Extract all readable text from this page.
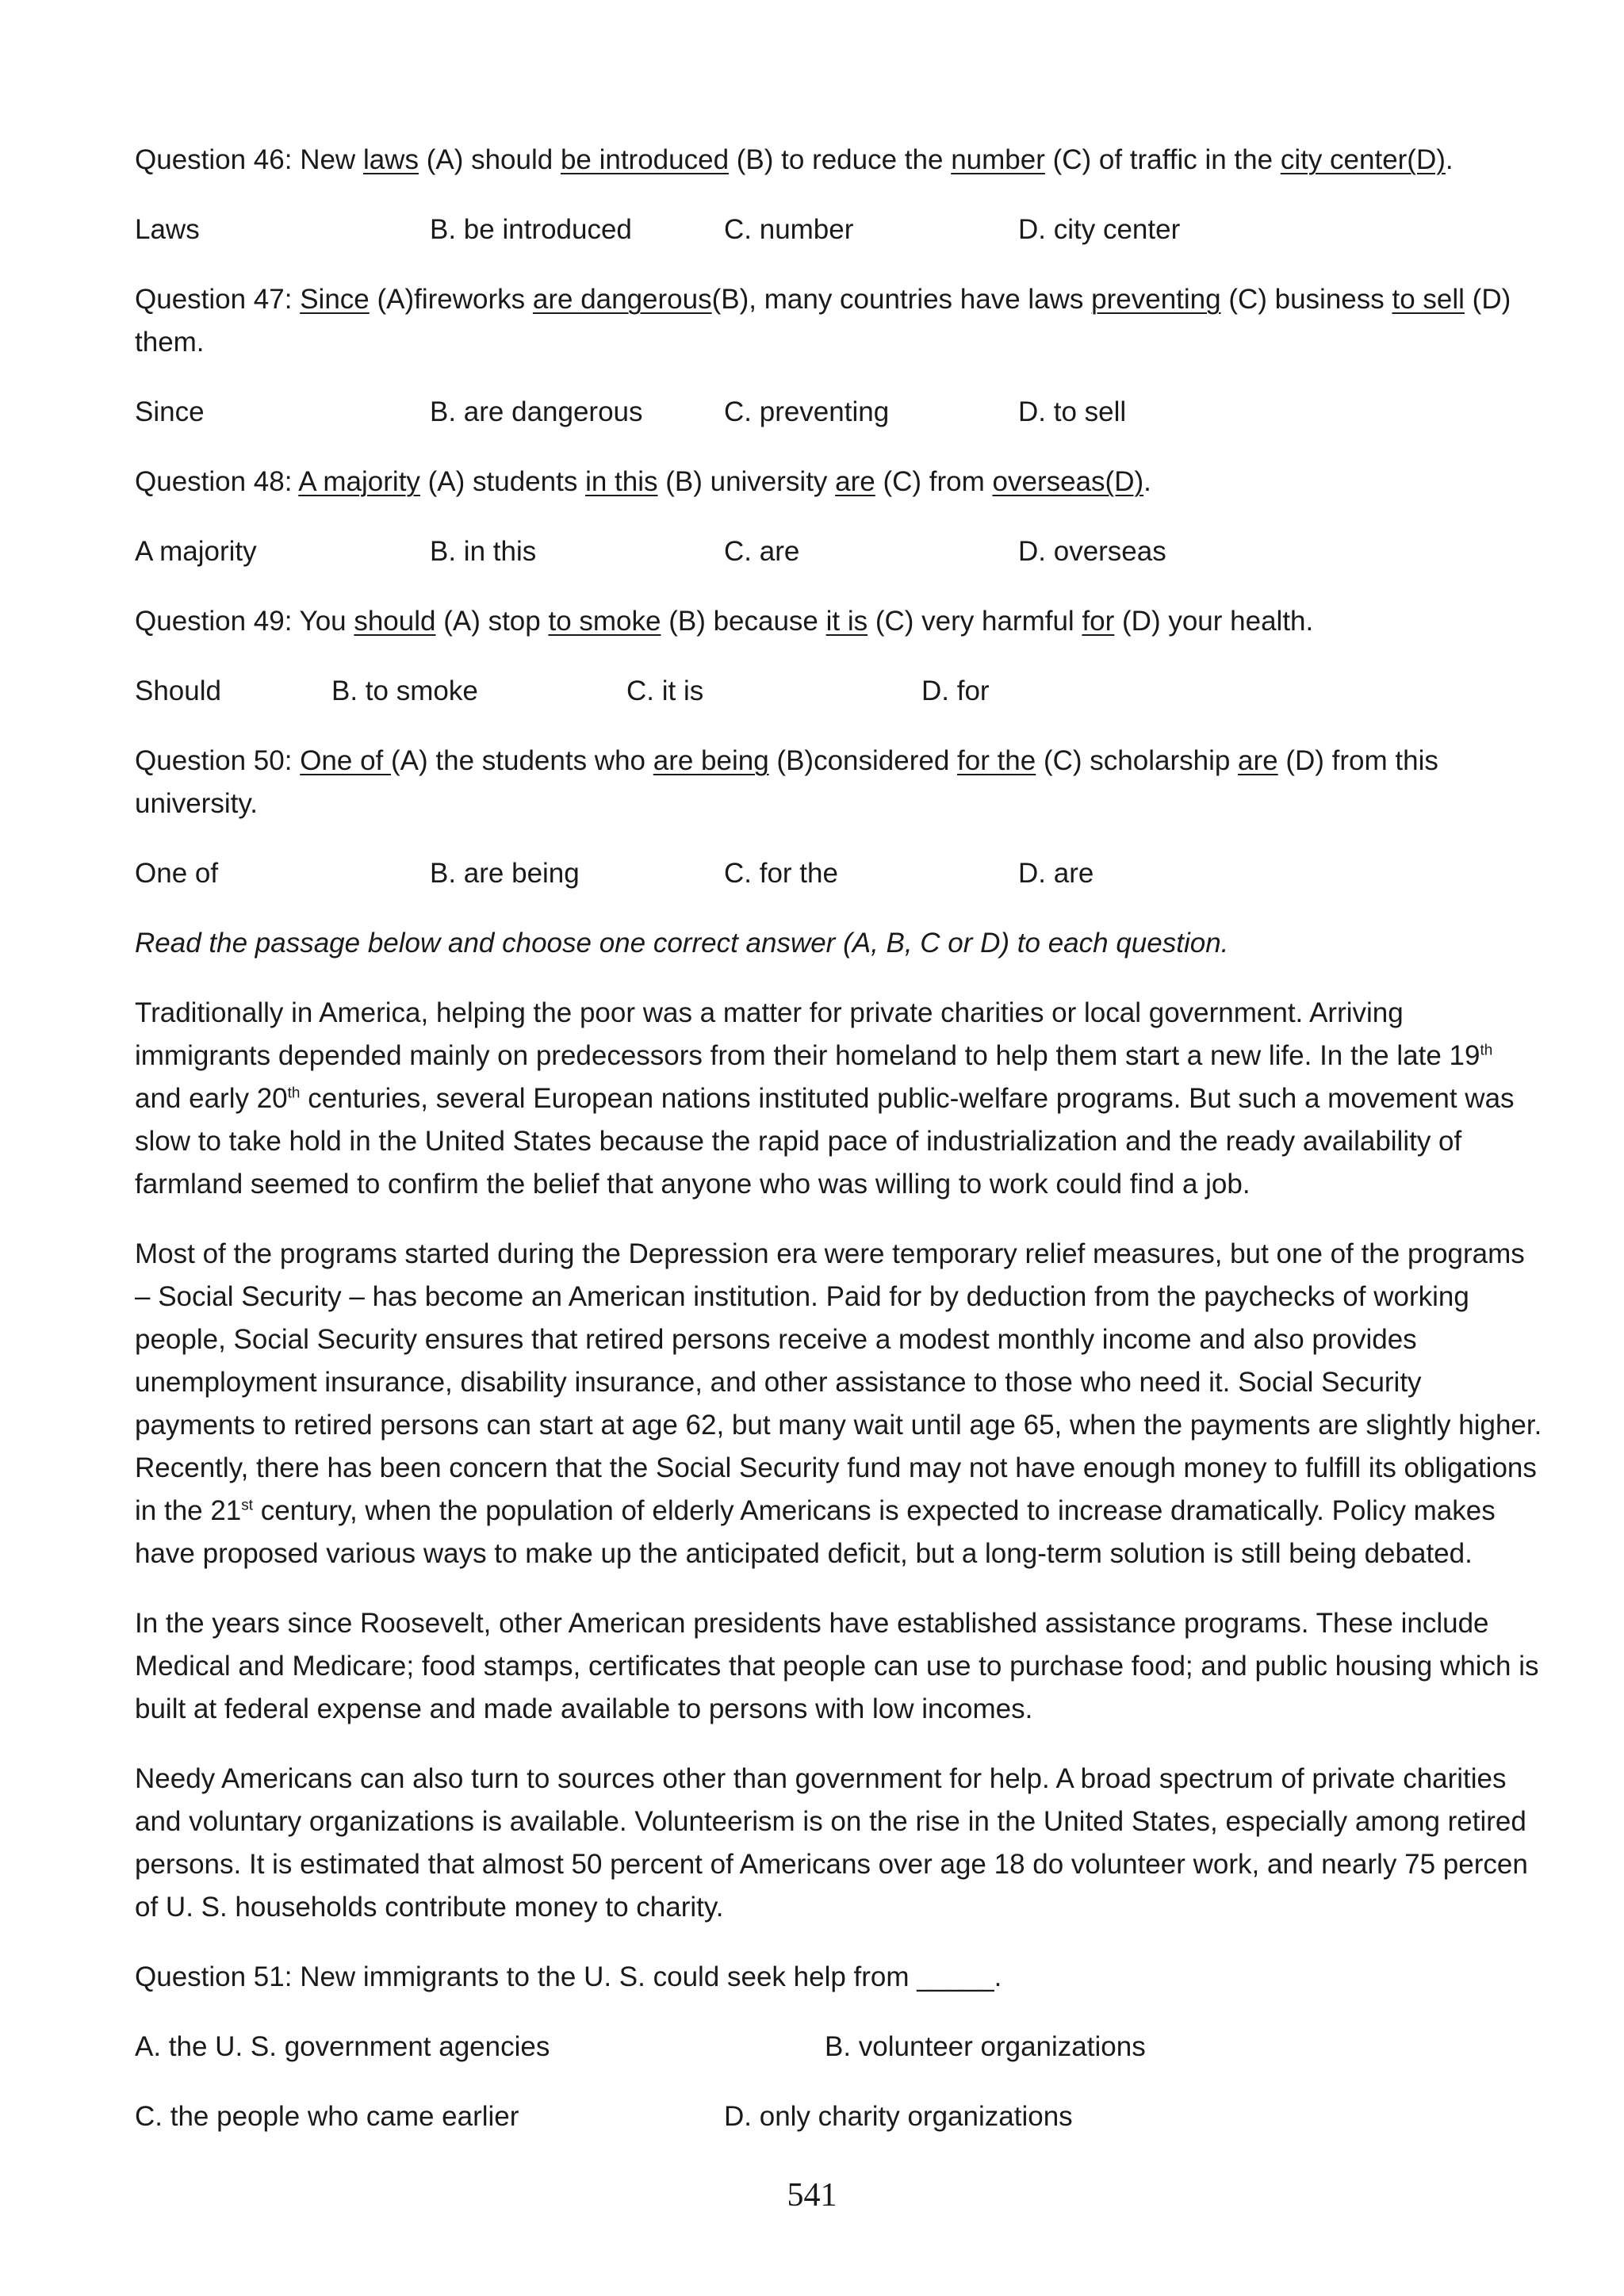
Question 46: New laws (A) should be introduced (B) to reduce the number (C) of traffic in the city center(D).

Laws	B. be introduced	C. number	D. city center

Question 47: Since (A)fireworks are dangerous(B), many countries have laws preventing (C) business to sell (D) them.

Since	B. are dangerous	C. preventing	D. to sell

Question 48: A majority (A) students in this (B) university are (C) from overseas(D).

A majority	B. in this	C. are	D. overseas

Question 49: You should (A) stop to smoke (B) because it is (C) very harmful for (D) your health.

Should	B. to smoke	C. it is	D. for

Question 50: One of (A) the students who are being (B)considered for the (C) scholarship are (D) from this university.

One of	B. are being	C. for the	D. are

Read the passage below and choose one correct answer (A, B, C or D) to each question.

Traditionally in America, helping the poor was a matter for private charities or local government. Arriving immigrants depended mainly on predecessors from their homeland to help them start a new life. In the late 19th and early 20th centuries, several European nations instituted public-welfare programs. But such a movement was slow to take hold in the United States because the rapid pace of industrialization and the ready availability of farmland seemed to confirm the belief that anyone who was willing to work could find a job.

Most of the programs started during the Depression era were temporary relief measures, but one of the programs – Social Security – has become an American institution. Paid for by deduction from the paychecks of working people, Social Security ensures that retired persons receive a modest monthly income and also provides unemployment insurance, disability insurance, and other assistance to those who need it. Social Security payments to retired persons can start at age 62, but many wait until age 65, when the payments are slightly higher. Recently, there has been concern that the Social Security fund may not have enough money to fulfill its obligations in the 21st century, when the population of elderly Americans is expected to increase dramatically. Policy makes have proposed various ways to make up the anticipated deficit, but a long-term solution is still being debated.

In the years since Roosevelt, other American presidents have established assistance programs. These include Medical and Medicare; food stamps, certificates that people can use to purchase food; and public housing which is built at federal expense and made available to persons with low incomes.

Needy Americans can also turn to sources other than government for help. A broad spectrum of private charities and voluntary organizations is available. Volunteerism is on the rise in the United States, especially among retired persons. It is estimated that almost 50 percent of Americans over age 18 do volunteer work, and nearly 75 percen of U. S. households contribute money to charity.

Question 51: New immigrants to the U. S. could seek help from _____.

A. the U. S. government agencies	B. volunteer organizations
C. the people who came earlier	D. only charity organizations
541
